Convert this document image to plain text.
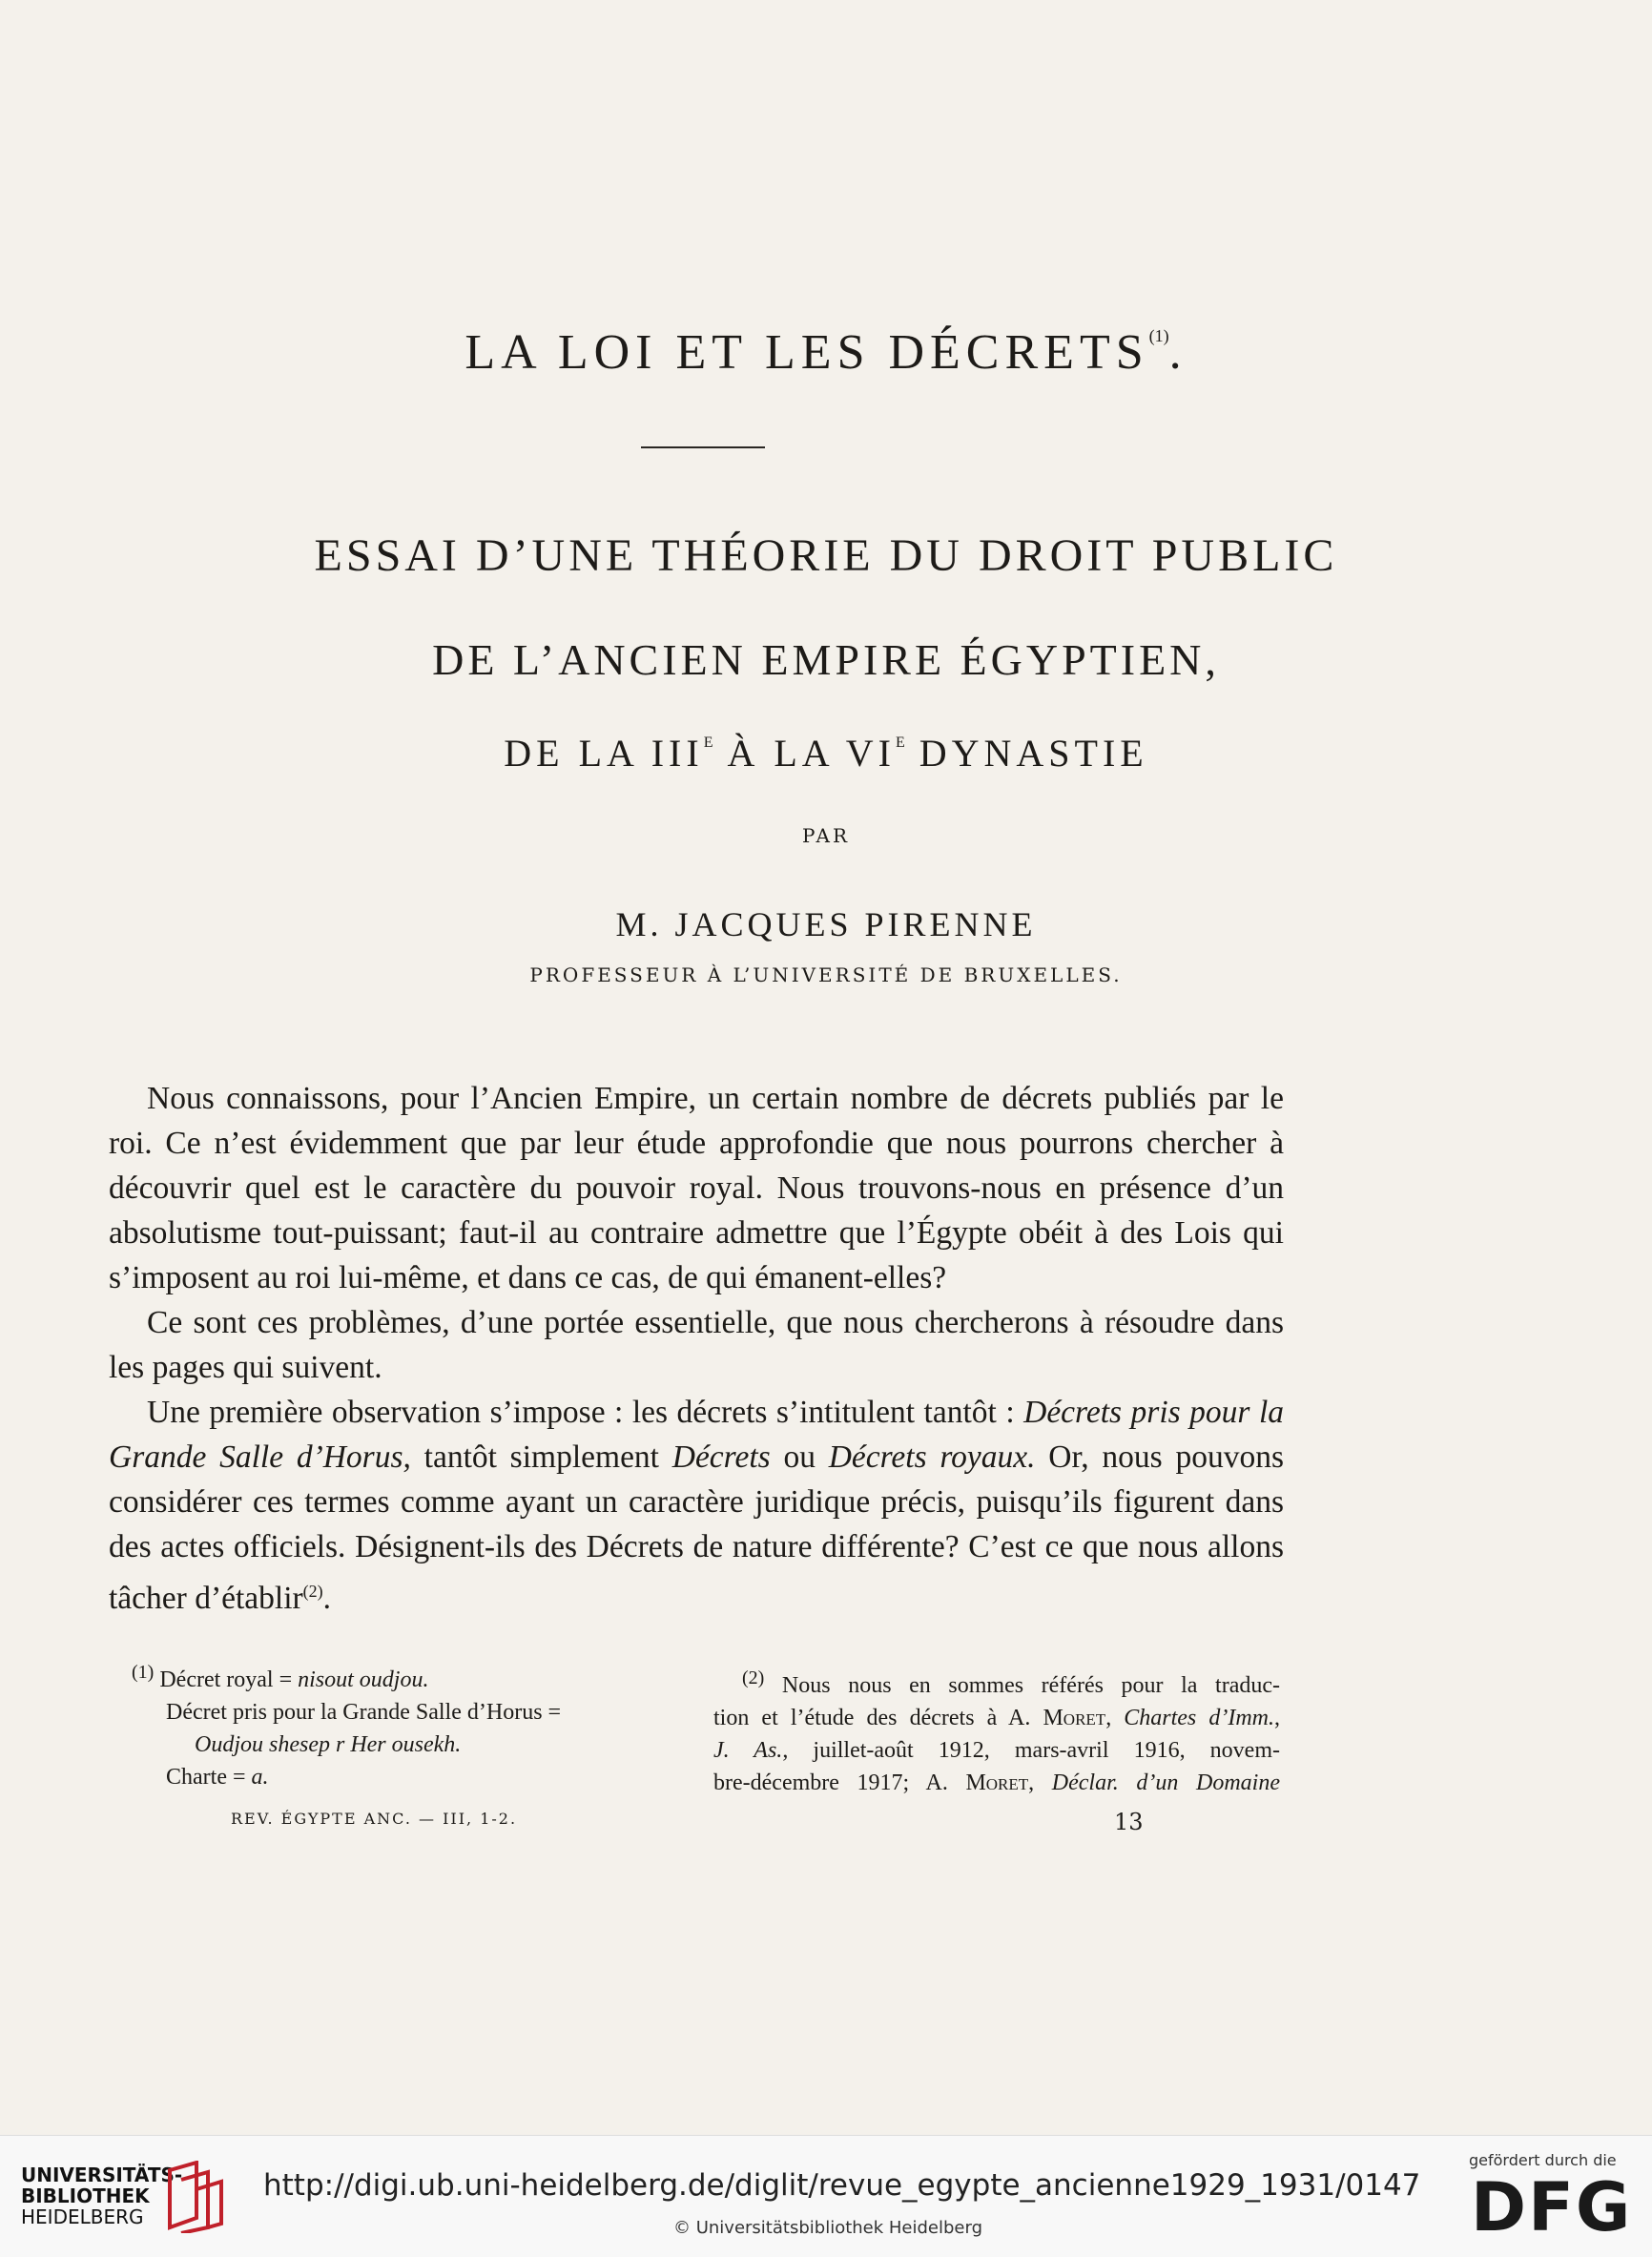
LA LOI ET LES DÉCRETS$^{(1)}$.
ESSAI D’UNE THÉORIE DU DROIT PUBLIC
DE L’ANCIEN EMPIRE ÉGYPTIEN,
DE LA $III^E$ À LA $VI^E$ DYNASTIE
PAR
M. JACQUES PIRENNE
PROFESSEUR À L’UNIVERSITÉ DE BRUXELLES.

Nous connaissons, pour l’Ancien Empire, un certain nombre de décrets publiés par le roi. Ce n’est évidemment que par leur étude approfondie que nous pourrons chercher à découvrir quel est le caractère du pouvoir royal. Nous trouvons-nous en présence d’un absolutisme tout-puissant; faut-il au contraire admettre que l’Égypte obéit à des Lois qui s’imposent au roi lui-même, et dans ce cas, de qui émanent-elles?

Ce sont ces problèmes, d’une portée essentielle, que nous chercherons à résoudre dans les pages qui suivent.

Une première observation s’impose : les décrets s’intitulent tantôt : Décrets pris pour la Grande Salle d’Horus, tantôt simplement Décrets ou Décrets royaux. Or, nous pouvons considérer ces termes comme ayant un caractère juridique précis, puisqu’ils figurent dans des actes officiels. Désignent-ils des Décrets de nature différente? C’est ce que nous allons tâcher d’établir$^{(2)}$.

$^{(1)}$ Décret royal = nisout oudjou.
Décret pris pour la Grande Salle d’Horus =
Oudjou shesep r Her ousekh.
Charte = a.
$^{(2)}$ Nous nous en sommes référés pour la traduc-
tion et l’étude des décrets à A. Moret, Chartes d’Imm.,
J. As., juillet-août 1912, mars-avril 1916, novem-
bre-décembre 1917; A. Moret, Déclar. d’un Domaine
REV. ÉGYPTE ANC. — III, 1-2.	13
UNIVERSITÄTS-
BIBLIOTHEK
HEIDELBERG
http://digi.ub.uni-heidelberg.de/diglit/revue_egypte_ancienne1929_1931/0147
© Universitätsbibliothek Heidelberg
gefördert durch die
DFG
